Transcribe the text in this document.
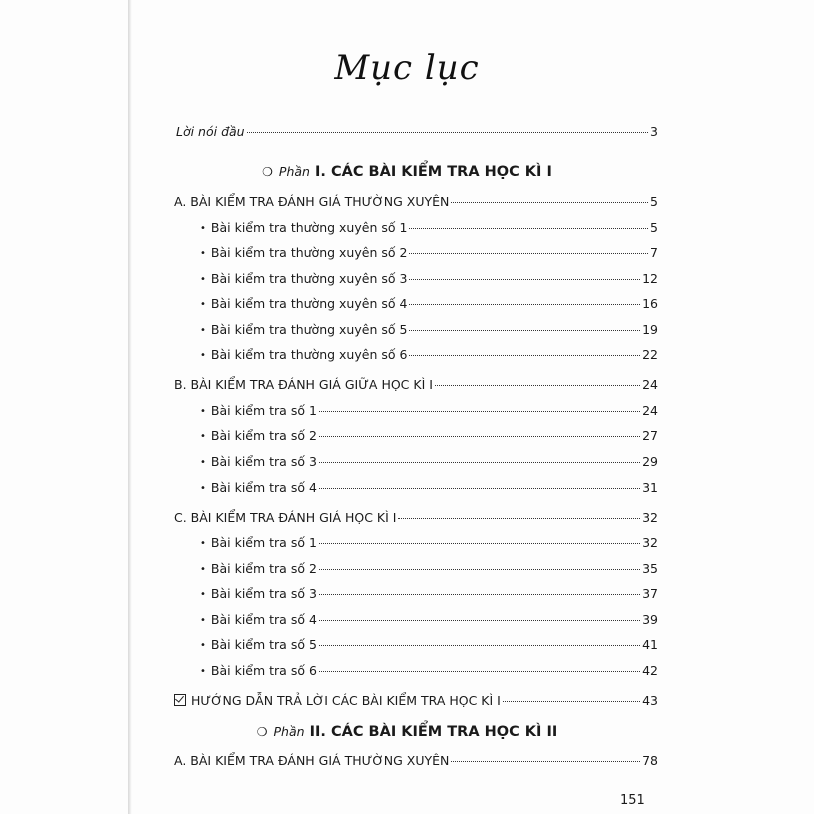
Mục lục
Lời nói đầu	3
❍ Phần I. CÁC BÀI KIỂM TRA HỌC KÌ I
A. BÀI KIỂM TRA ĐÁNH GIÁ THƯỜNG XUYÊN	5
• Bài kiểm tra thường xuyên số 1	5
• Bài kiểm tra thường xuyên số 2	7
• Bài kiểm tra thường xuyên số 3	12
• Bài kiểm tra thường xuyên số 4	16
• Bài kiểm tra thường xuyên số 5	19
• Bài kiểm tra thường xuyên số 6	22
B. BÀI KIỂM TRA ĐÁNH GIÁ GIỮA HỌC KÌ I	24
• Bài kiểm tra số 1	24
• Bài kiểm tra số 2	27
• Bài kiểm tra số 3	29
• Bài kiểm tra số 4	31
C. BÀI KIỂM TRA ĐÁNH GIÁ HỌC KÌ I	32
• Bài kiểm tra số 1	32
• Bài kiểm tra số 2	35
• Bài kiểm tra số 3	37
• Bài kiểm tra số 4	39
• Bài kiểm tra số 5	41
• Bài kiểm tra số 6	42
HƯỚNG DẪN TRẢ LỜI CÁC BÀI KIỂM TRA HỌC KÌ I	43
❍ Phần II. CÁC BÀI KIỂM TRA HỌC KÌ II
A. BÀI KIỂM TRA ĐÁNH GIÁ THƯỜNG XUYÊN	78
151
